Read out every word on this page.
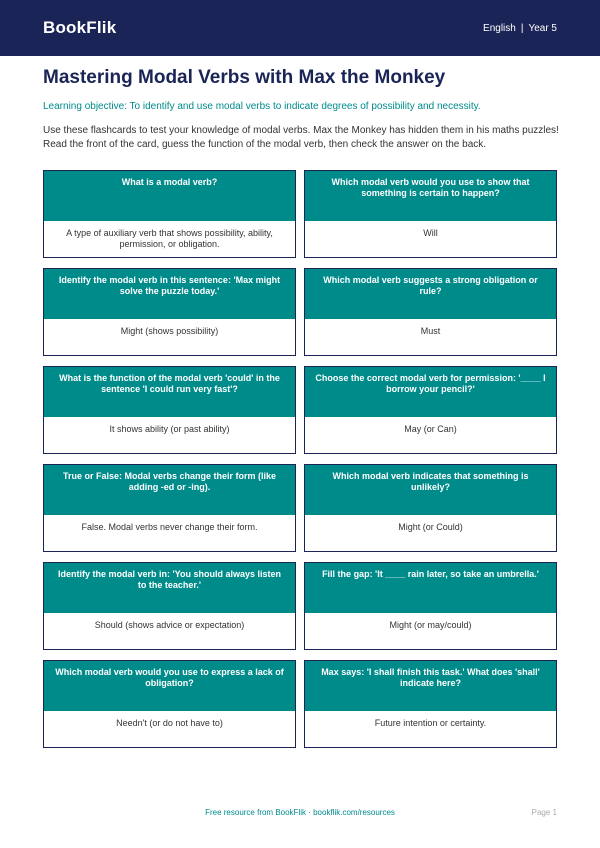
BookFlik	English | Year 5
Mastering Modal Verbs with Max the Monkey

Learning objective: To identify and use modal verbs to indicate degrees of possibility and necessity.

Use these flashcards to test your knowledge of modal verbs. Max the Monkey has hidden them in his maths puzzles! Read the front of the card, guess the function of the modal verb, then check the answer on the back.

What is a modal verb?
A type of auxiliary verb that shows possibility, ability, permission, or obligation.
Which modal verb would you use to show that something is certain to happen?
Will
Identify the modal verb in this sentence: 'Max might solve the puzzle today.'
Might (shows possibility)
Which modal verb suggests a strong obligation or rule?
Must
What is the function of the modal verb 'could' in the sentence 'I could run very fast'?
It shows ability (or past ability)
Choose the correct modal verb for permission: '____ I borrow your pencil?'
May (or Can)
True or False: Modal verbs change their form (like adding -ed or -ing).
False. Modal verbs never change their form.
Which modal verb indicates that something is unlikely?
Might (or Could)
Identify the modal verb in: 'You should always listen to the teacher.'
Should (shows advice or expectation)
Fill the gap: 'It ____ rain later, so take an umbrella.'
Might (or may/could)
Which modal verb would you use to express a lack of obligation?
Needn't (or do not have to)
Max says: 'I shall finish this task.' What does 'shall' indicate here?
Future intention or certainty.
Free resource from BookFlik · bookflik.com/resources	Page 1
